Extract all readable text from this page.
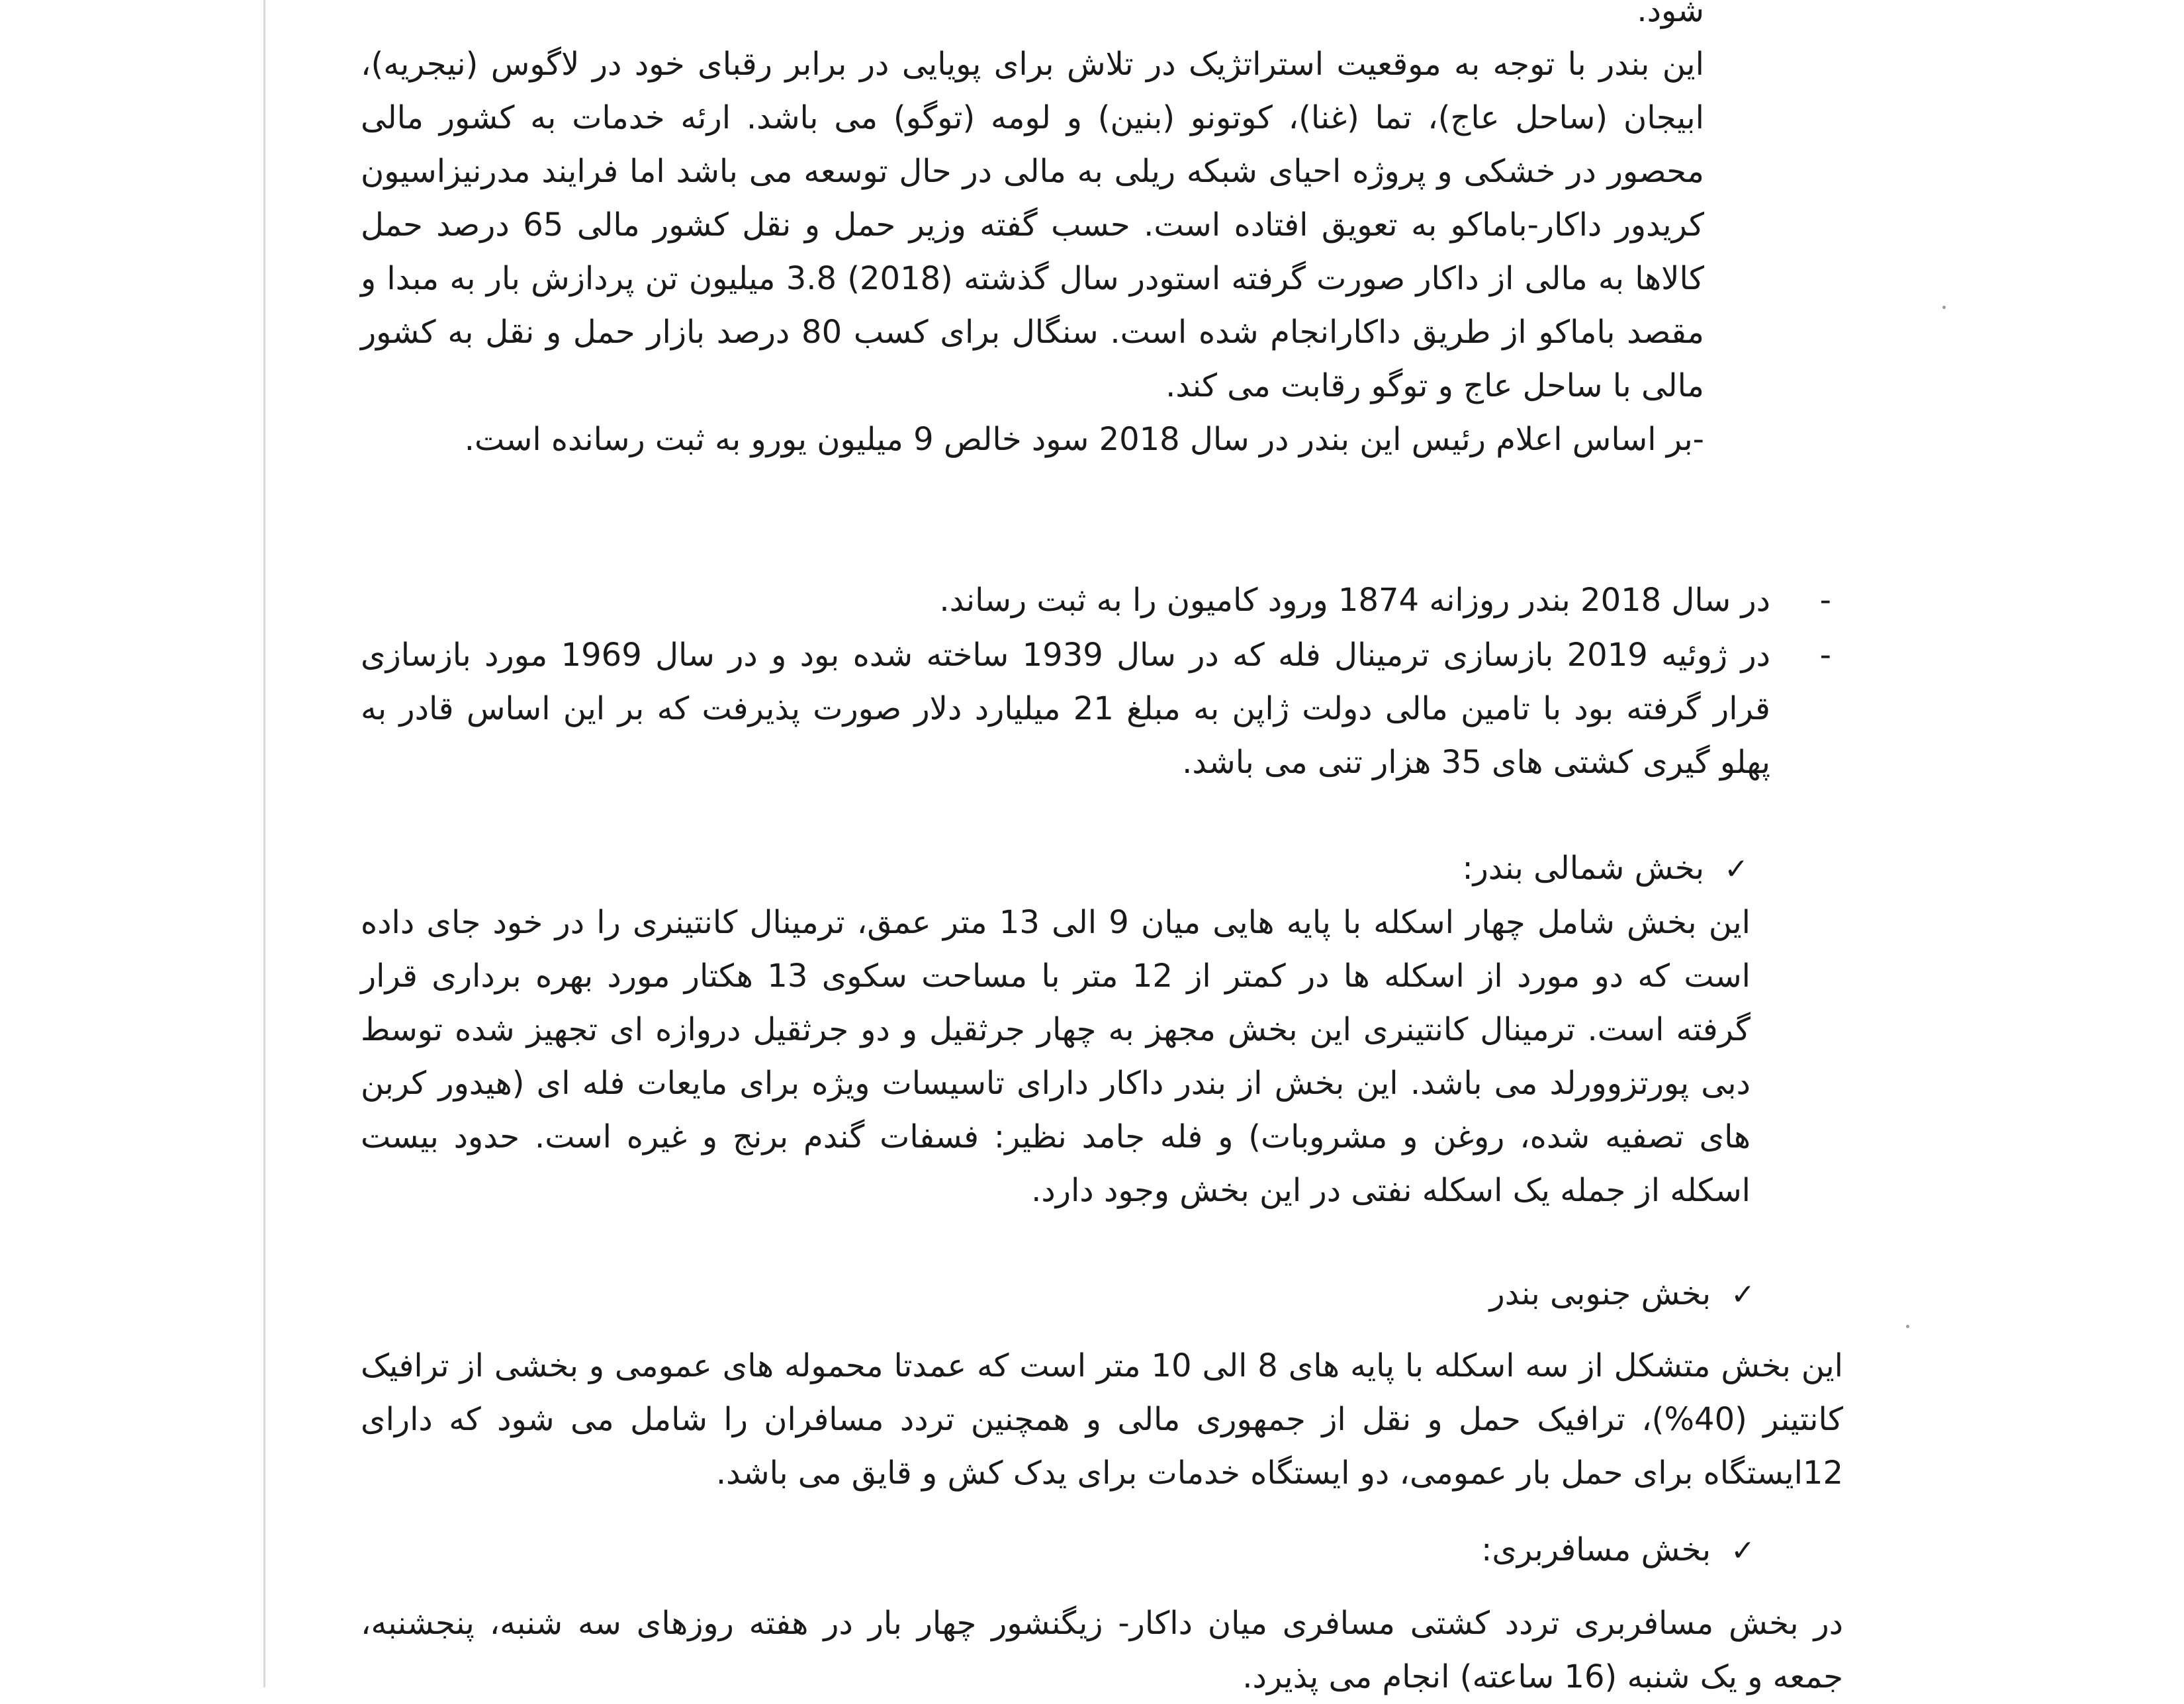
شود.

این بندر با توجه به موقعیت استراتژیک در تلاش برای پویایی در برابر رقبای خود در لاگوس (نیجریه)، ابیجان (ساحل عاج)، تما (غنا)، کوتونو (بنین) و لومه (توگو) می باشد. ارئه خدمات به کشور مالی محصور در خشکی و پروژه احیای شبکه ریلی به مالی در حال توسعه می باشد اما فرایند مدرنیزاسیون کریدور داکار-باماکو به تعویق افتاده است. حسب گفته وزیر حمل و نقل کشور مالی 65 درصد حمل کالاها به مالی از داکار صورت گرفته استودر سال گذشته (2018) 3.8 میلیون تن پردازش بار به مبدا و مقصد باماکو از طریق داکارانجام شده است. سنگال برای کسب 80 درصد بازار حمل و نقل به کشور مالی با ساحل عاج و توگو رقابت می کند.

-بر اساس اعلام رئیس این بندر در سال 2018 سود خالص 9 میلیون یورو به ثبت رسانده است.

-
در سال 2018 بندر روزانه 1874 ورود کامیون را به ثبت رساند.
-
در ژوئیه 2019 بازسازی ترمینال فله که در سال 1939 ساخته شده بود و در سال 1969 مورد بازسازی قرار گرفته بود با تامین مالی دولت ژاپن به مبلغ 21 میلیارد دلار صورت پذیرفت که بر این اساس قادر به پهلو گیری کشتی های 35 هزار تنی می باشد.
✓بخش شمالی بندر:

این بخش شامل چهار اسکله با پایه هایی میان 9 الی 13 متر عمق، ترمینال کانتینری را در خود جای داده است که دو مورد از اسکله ها در کمتر از 12 متر با مساحت سکوی 13 هکتار مورد بهره برداری قرار گرفته است. ترمینال کانتینری این بخش مجهز به چهار جرثقیل و دو جرثقیل دروازه ای تجهیز شده توسط دبی پورتزوورلد می باشد. این بخش از بندر داکار دارای تاسیسات ویژه برای مایعات فله ای (هیدور کربن های تصفیه شده، روغن و مشروبات) و فله جامد نظیر: فسفات گندم برنج و غیره است. حدود بیست اسکله از جمله یک اسکله نفتی در این بخش وجود دارد.

✓بخش جنوبی بندر

این بخش متشکل از سه اسکله با پایه های 8 الی 10 متر است که عمدتا محموله های عمومی و بخشی از ترافیک کانتینر (40%)، ترافیک حمل و نقل از جمهوری مالی و همچنین تردد مسافران را شامل می شود که دارای 12ایستگاه برای حمل بار عمومی، دو ایستگاه خدمات برای یدک کش و قایق می باشد.

✓بخش مسافربری:

در بخش مسافربری تردد کشتی مسافری میان داکار- زیگنشور چهار بار در هفته روزهای سه شنبه، پنجشنبه، جمعه و یک شنبه (16 ساعته) انجام می پذیرد.
